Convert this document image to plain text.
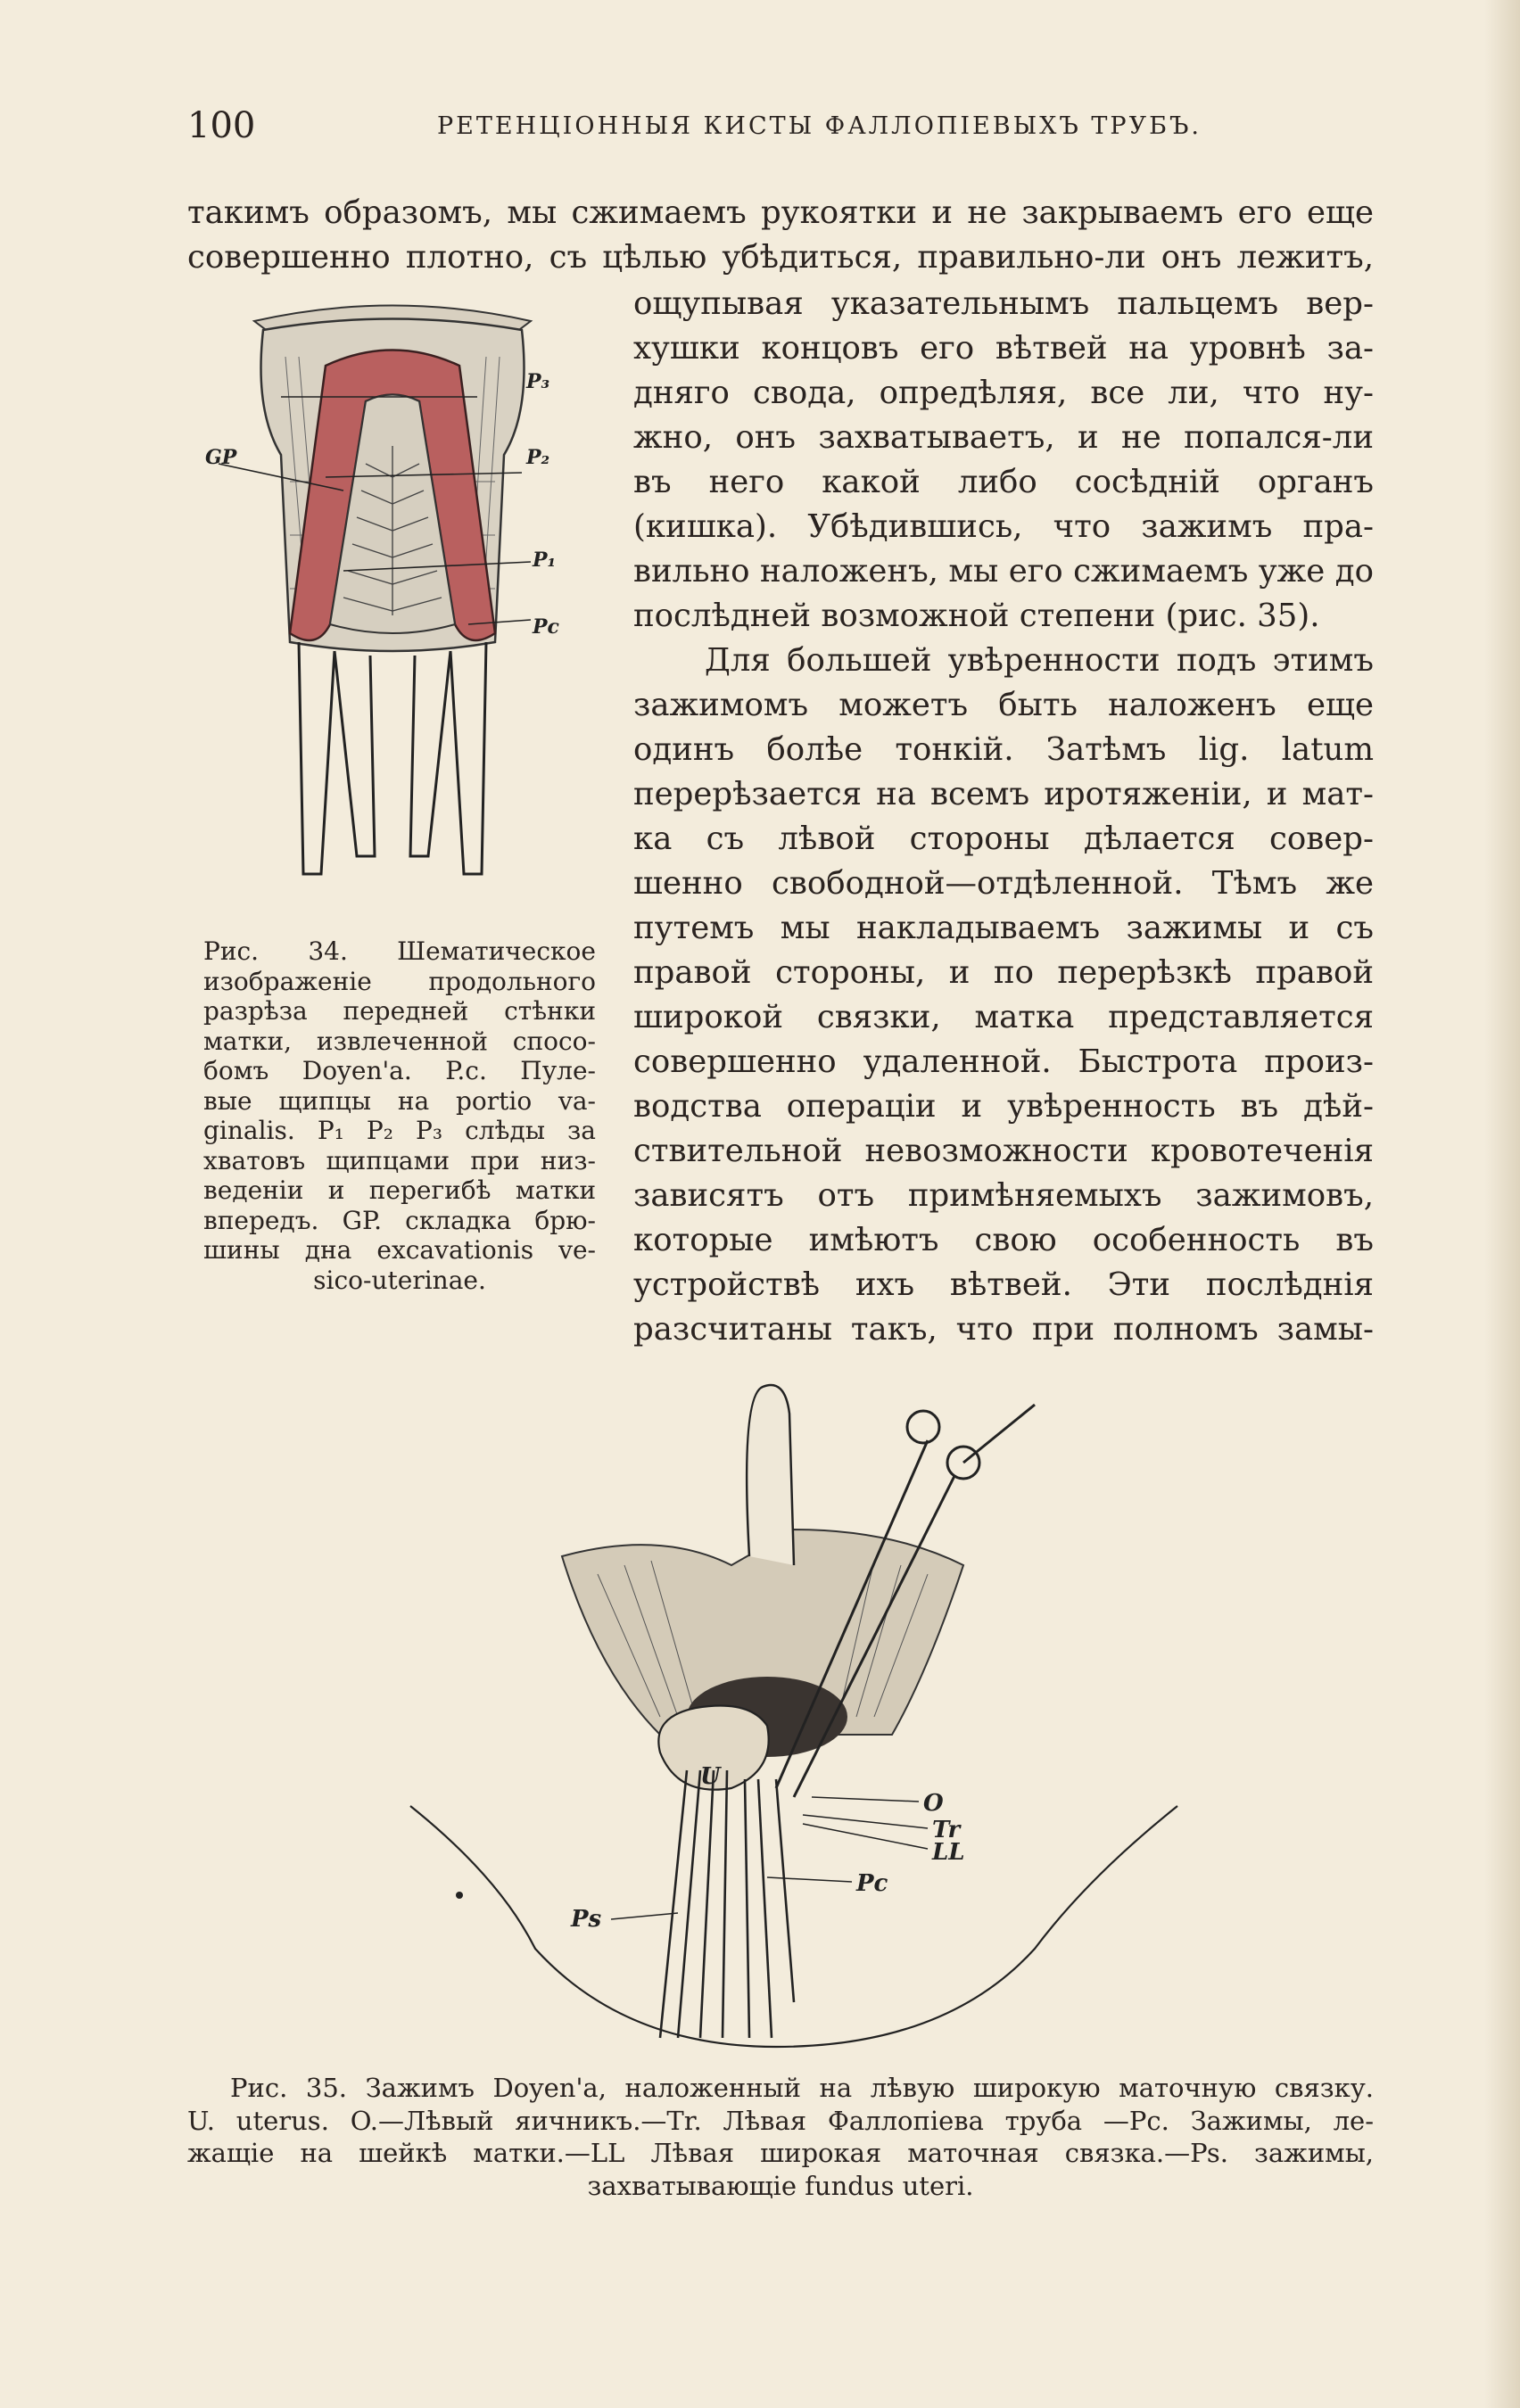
100	РЕТЕНЦIОННЫЯ КИСТЫ ФАЛЛОПIЕВЫХЪ ТРУБЪ.
такимъ образомъ, мы сжимаемъ рукоятки и не закрываемъ его еще
совершенно плотно, съ цѣлью убѣдиться, правильно-ли онъ лежитъ,
ощупывая указательнымъ пальцемъ вер-
хушки концовъ его вѣтвей на уровнѣ за-
дняго свода, опредѣляя, все ли, что ну-
жно, онъ захватываетъ, и не попался-ли
въ него какой либо сосѣднiй органъ
(кишка). Убѣдившись, что зажимъ пра-
вильно наложенъ, мы его сжимаемъ уже до
послѣдней возможной степени (рис. 35).
Для большей увѣренности подъ этимъ
зажимомъ можетъ быть наложенъ еще
одинъ болѣе тонкiй. Затѣмъ lig. latum
перерѣзается на всемъ иротяженiи, и мат-
ка съ лѣвой стороны дѣлается совер-
шенно свободной—отдѣленной. Тѣмъ же
путемъ мы накладываемъ зажимы и съ
правой стороны, и по перерѣзкѣ правой
широкой связки, матка представляется
совершенно удаленной. Быстрота произ-
водства операцiи и увѣренность въ дѣй-
ствительной невозможности кровотеченiя
зависятъ отъ примѣняемыхъ зажимовъ,
которые имѣютъ свою особенность въ
устройствѣ ихъ вѣтвей. Эти послѣднiя
разсчитаны такъ, что при полномъ замы-
P₃
GP	P₂
P₁
Pc
Рис. 34. Шематическое
изображенiе продольного
разрѣза передней стѣнки
матки, извлеченной спосо-
бомъ Doyen'a. P.c. Пуле-
вые щипцы на portio va-
ginalis. P₁ P₂ P₃ слѣды за
хватовъ щипцами при низ-
веденiи и перегибѣ матки
впередъ. GP. складка брю-
шины дна excavationis ve-
sico-uterinae.
U
O
Tr
LL
Pc
Ps
Рис. 35. Зажимъ Doyen'a, наложенный на лѣвую широкую маточную связку.
U. uterus. O.—Лѣвый яичникъ.—Tr. Лѣвая Фаллопiева труба —Pc. Зажимы, ле-
жащiе на шейкѣ матки.—LL Лѣвая широкая маточная связка.—Ps. зажимы,
захватывающiе fundus uteri.
